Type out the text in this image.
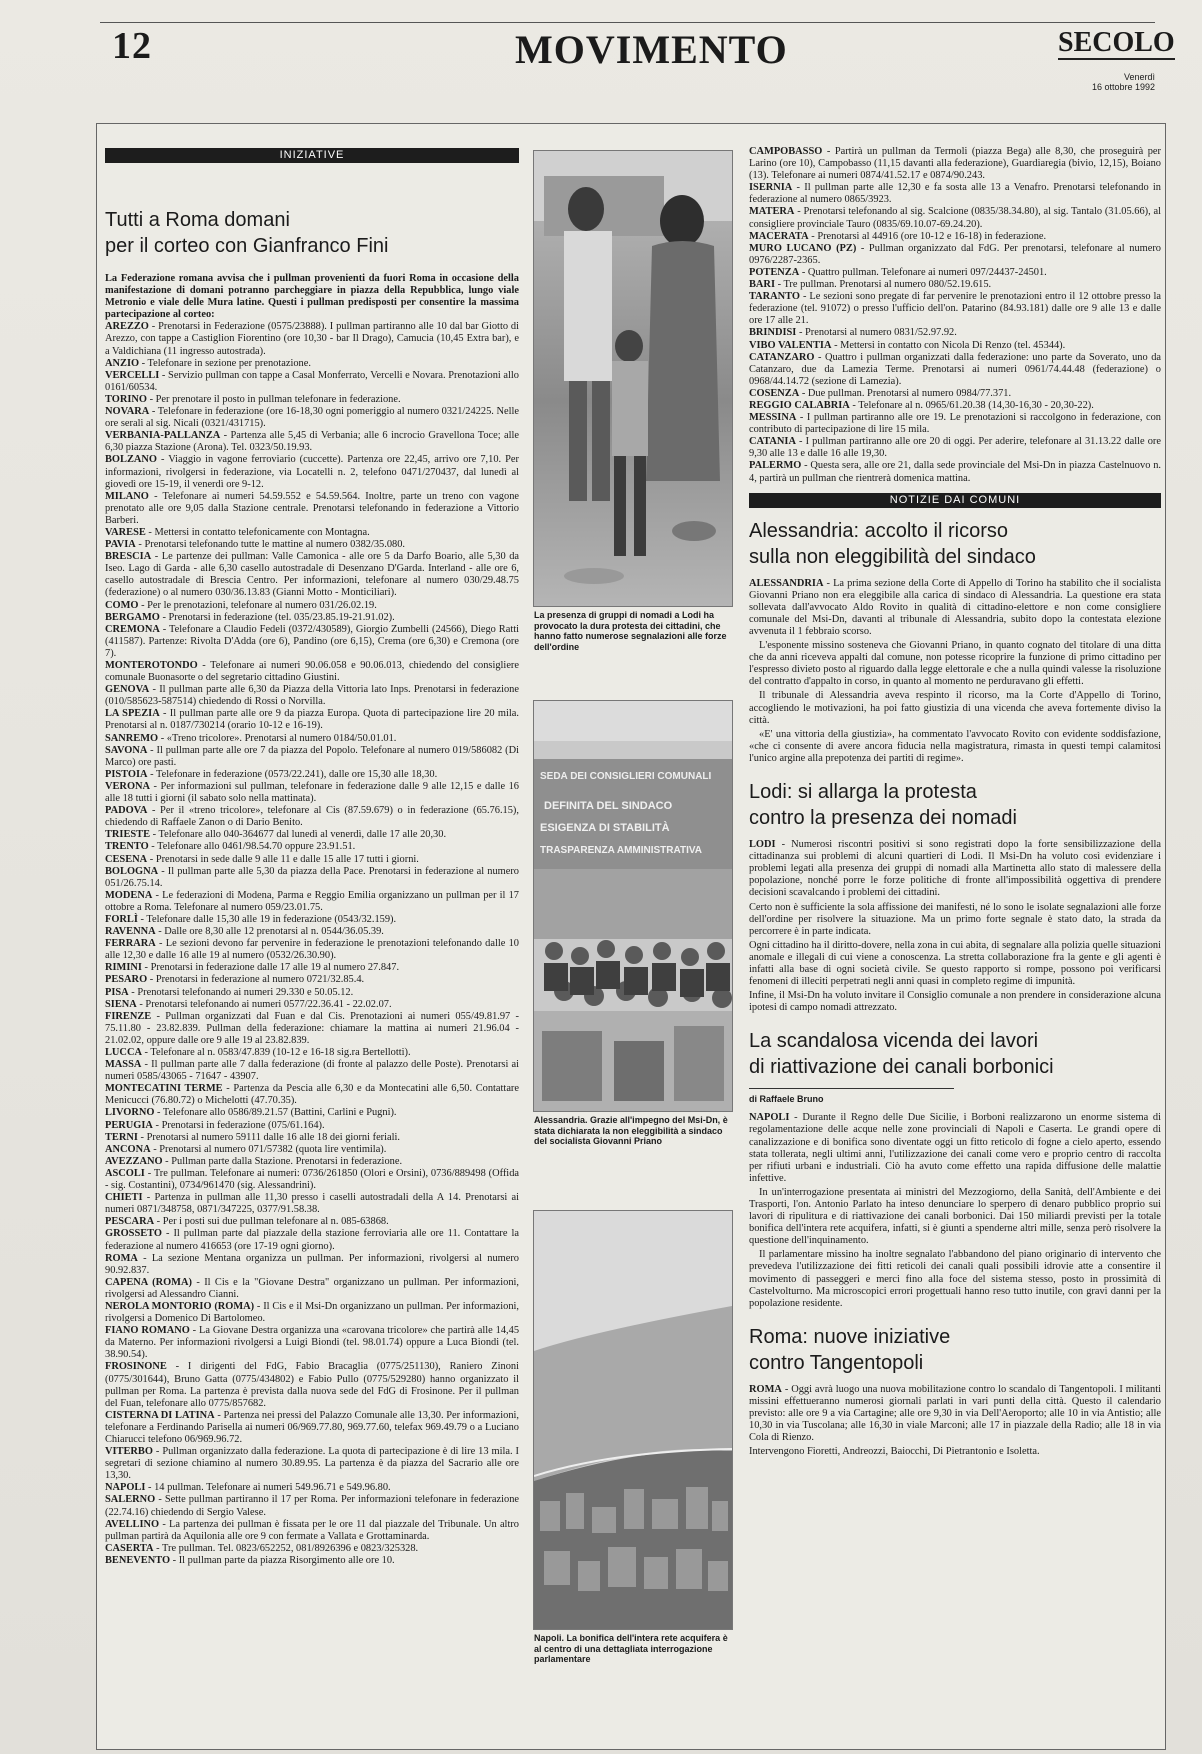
12	MOVIMENTO	SECOLO
Venerdì
16 ottobre 1992
INIZIATIVE
Tutti a Roma domani
per il corteo con Gianfranco Fini

La Federazione romana avvisa che i pullman provenienti da fuori Roma in occasione della manifestazione di domani potranno parcheggiare in piazza della Repubblica, lungo viale Metronio e viale delle Mura latine. Questi i pullman predisposti per consentire la massima partecipazione al corteo:

AREZZO - Prenotarsi in Federazione (0575/23888). I pullman partiranno alle 10 dal bar Giotto di Arezzo, con tappe a Castiglion Fiorentino (ore 10,30 - bar Il Drago), Camucia (10,45 Extra bar), e a Valdichiana (11 ingresso autostrada).

ANZIO - Telefonare in sezione per prenotazione.

VERCELLI - Servizio pullman con tappe a Casal Monferrato, Vercelli e Novara. Prenotazioni allo 0161/60534.

TORINO - Per prenotare il posto in pullman telefonare in federazione.

NOVARA - Telefonare in federazione (ore 16-18,30 ogni pomeriggio al numero 0321/24225. Nelle ore serali al sig. Nicali (0321/431715).

VERBANIA-PALLANZA - Partenza alle 5,45 di Verbania; alle 6 incrocio Gravellona Toce; alle 6,30 piazza Stazione (Arona). Tel. 0323/50.19.93.

BOLZANO - Viaggio in vagone ferroviario (cuccette). Partenza ore 22,45, arrivo ore 7,10. Per informazioni, rivolgersi in federazione, via Locatelli n. 2, telefono 0471/270437, dal lunedì al giovedì ore 15-19, il venerdì ore 9-12.

MILANO - Telefonare ai numeri 54.59.552 e 54.59.564. Inoltre, parte un treno con vagone prenotato alle ore 9,05 dalla Stazione centrale. Prenotarsi telefonando in federazione a Vittorio Barberi.

VARESE - Mettersi in contatto telefonicamente con Montagna.

PAVIA - Prenotarsi telefonando tutte le mattine al numero 0382/35.080.

BRESCIA - Le partenze dei pullman: Valle Camonica - alle ore 5 da Darfo Boario, alle 5,30 da Iseo. Lago di Garda - alle 6,30 casello autostradale di Desenzano D'Garda. Interland - alle ore 6, casello autostradale di Brescia Centro. Per informazioni, telefonare al numero 030/29.48.75 (federazione) o al numero 030/36.13.83 (Gianni Motto - Monticiliari).

COMO - Per le prenotazioni, telefonare al numero 031/26.02.19.

BERGAMO - Prenotarsi in federazione (tel. 035/23.85.19-21.91.02).

CREMONA - Telefonare a Claudio Fedeli (0372/430589), Giorgio Zumbelli (24566), Diego Ratti (411587). Partenze: Rivolta D'Adda (ore 6), Pandino (ore 6,15), Crema (ore 6,30) e Cremona (ore 7).

MONTEROTONDO - Telefonare ai numeri 90.06.058 e 90.06.013, chiedendo del consigliere comunale Buonasorte o del segretario cittadino Giustini.

GENOVA - Il pullman parte alle 6,30 da Piazza della Vittoria lato Inps. Prenotarsi in federazione (010/585623-587514) chiedendo di Rossi o Norvilla.

LA SPEZIA - Il pullman parte alle ore 9 da piazza Europa. Quota di partecipazione lire 20 mila. Prenotarsi al n. 0187/730214 (orario 10-12 e 16-19).

SANREMO - «Treno tricolore». Prenotarsi al numero 0184/50.01.01.

SAVONA - Il pullman parte alle ore 7 da piazza del Popolo. Telefonare al numero 019/586082 (Di Marco) ore pasti.

PISTOIA - Telefonare in federazione (0573/22.241), dalle ore 15,30 alle 18,30.

VERONA - Per informazioni sul pullman, telefonare in federazione dalle 9 alle 12,15 e dalle 16 alle 18 tutti i giorni (il sabato solo nella mattinata).

PADOVA - Per il «treno tricolore», telefonare al Cis (87.59.679) o in federazione (65.76.15), chiedendo di Raffaele Zanon o di Dario Benito.

TRIESTE - Telefonare allo 040-364677 dal lunedì al venerdì, dalle 17 alle 20,30.

TRENTO - Telefonare allo 0461/98.54.70 oppure 23.91.51.

CESENA - Prenotarsi in sede dalle 9 alle 11 e dalle 15 alle 17 tutti i giorni.

BOLOGNA - Il pullman parte alle 5,30 da piazza della Pace. Prenotarsi in federazione al numero 051/26.75.14.

MODENA - Le federazioni di Modena, Parma e Reggio Emilia organizzano un pullman per il 17 ottobre a Roma. Telefonare al numero 059/23.01.75.

FORLÌ - Telefonare dalle 15,30 alle 19 in federazione (0543/32.159).

RAVENNA - Dalle ore 8,30 alle 12 prenotarsi al n. 0544/36.05.39.

FERRARA - Le sezioni devono far pervenire in federazione le prenotazioni telefonando dalle 10 alle 12,30 e dalle 16 alle 19 al numero (0532/26.30.90).

RIMINI - Prenotarsi in federazione dalle 17 alle 19 al numero 27.847.

PESARO - Prenotarsi in federazione al numero 0721/32.85.4.

PISA - Prenotarsi telefonando ai numeri 29.330 e 50.05.12.

SIENA - Prenotarsi telefonando ai numeri 0577/22.36.41 - 22.02.07.

FIRENZE - Pullman organizzati dal Fuan e dal Cis. Prenotazioni ai numeri 055/49.81.97 - 75.11.80 - 23.82.839. Pullman della federazione: chiamare la mattina ai numeri 21.96.04 - 21.02.02, oppure dalle ore 9 alle 19 al 23.82.839.

LUCCA - Telefonare al n. 0583/47.839 (10-12 e 16-18 sig.ra Bertellotti).

MASSA - Il pullman parte alle 7 dalla federazione (di fronte al palazzo delle Poste). Prenotarsi ai numeri 0585/43065 - 71647 - 43907.

MONTECATINI TERME - Partenza da Pescia alle 6,30 e da Montecatini alle 6,50. Contattare Menicucci (76.80.72) o Michelotti (47.70.35).

LIVORNO - Telefonare allo 0586/89.21.57 (Battini, Carlini e Pugni).

PERUGIA - Prenotarsi in federazione (075/61.164).

TERNI - Prenotarsi al numero 59111 dalle 16 alle 18 dei giorni feriali.

ANCONA - Prenotarsi al numero 071/57382 (quota lire ventimila).

AVEZZANO - Pullman parte dalla Stazione. Prenotarsi in federazione.

ASCOLI - Tre pullman. Telefonare ai numeri: 0736/261850 (Olori e Orsini), 0736/889498 (Offida - sig. Costantini), 0734/961470 (sig. Alessandrini).

CHIETI - Partenza in pullman alle 11,30 presso i caselli autostradali della A 14. Prenotarsi ai numeri 0871/348758, 0871/347225, 0377/91.58.38.

PESCARA - Per i posti sui due pullman telefonare al n. 085-63868.

GROSSETO - Il pullman parte dal piazzale della stazione ferroviaria alle ore 11. Contattare la federazione al numero 416653 (ore 17-19 ogni giorno).

ROMA - La sezione Mentana organizza un pullman. Per informazioni, rivolgersi al numero 90.92.837.

CAPENA (ROMA) - Il Cis e la "Giovane Destra" organizzano un pullman. Per informazioni, rivolgersi ad Alessandro Cianni.

NEROLA MONTORIO (ROMA) - Il Cis e il Msi-Dn organizzano un pullman. Per informazioni, rivolgersi a Domenico Di Bartolomeo.

FIANO ROMANO - La Giovane Destra organizza una «carovana tricolore» che partirà alle 14,45 da Materno. Per informazioni rivolgersi a Luigi Biondi (tel. 98.01.74) oppure a Luca Biondi (tel. 38.90.54).

FROSINONE - I dirigenti del FdG, Fabio Bracaglia (0775/251130), Raniero Zinoni (0775/301644), Bruno Gatta (0775/434802) e Fabio Pullo (0775/529280) hanno organizzato il pullman per Roma. La partenza è prevista dalla nuova sede del FdG di Frosinone. Per il pullman del Fuan, telefonare allo 0775/857682.

CISTERNA DI LATINA - Partenza nei pressi del Palazzo Comunale alle 13,30. Per informazioni, telefonare a Ferdinando Parisella ai numeri 06/969.77.80, 969.77.60, telefax 969.49.79 o a Luciano Chiarucci telefono 06/969.96.72.

VITERBO - Pullman organizzato dalla federazione. La quota di partecipazione è di lire 13 mila. I segretari di sezione chiamino al numero 30.89.95. La partenza è da piazza del Sacrario alle ore 13,30.

NAPOLI - 14 pullman. Telefonare ai numeri 549.96.71 e 549.96.80.

SALERNO - Sette pullman partiranno il 17 per Roma. Per informazioni telefonare in federazione (22.74.16) chiedendo di Sergio Valese.

AVELLINO - La partenza dei pullman è fissata per le ore 11 dal piazzale del Tribunale. Un altro pullman partirà da Aquilonia alle ore 9 con fermate a Vallata e Grottaminarda.

CASERTA - Tre pullman. Tel. 0823/652252, 081/8926396 e 0823/325328.

BENEVENTO - Il pullman parte da piazza Risorgimento alle ore 10.

La presenza di gruppi di nomadi a Lodi ha provocato la dura protesta dei cittadini, che hanno fatto numerose segnalazioni alle forze dell'ordine
SEDA DEI CONSIGLIERI COMUNALI
DEFINITA DEL SINDACO
ESIGENZA DI STABILITÀ
TRASPARENZA AMMINISTRATIVA
Alessandria. Grazie all'impegno del Msi-Dn, è stata dichiarata la non eleggibilità a sindaco del socialista Giovanni Priano
Napoli. La bonifica dell'intera rete acquifera è al centro di una dettagliata interrogazione parlamentare

CAMPOBASSO - Partirà un pullman da Termoli (piazza Bega) alle 8,30, che proseguirà per Larino (ore 10), Campobasso (11,15 davanti alla federazione), Guardiaregia (bivio, 12,15), Boiano (13). Telefonare ai numeri 0874/41.52.17 e 0874/90.243.

ISERNIA - Il pullman parte alle 12,30 e fa sosta alle 13 a Venafro. Prenotarsi telefonando in federazione al numero 0865/3923.

MATERA - Prenotarsi telefonando al sig. Scalcione (0835/38.34.80), al sig. Tantalo (31.05.66), al consigliere provinciale Tauro (0835/69.10.07-69.24.20).

MACERATA - Prenotarsi al 44916 (ore 10-12 e 16-18) in federazione.

MURO LUCANO (PZ) - Pullman organizzato dal FdG. Per prenotarsi, telefonare al numero 0976/2287-2365.

POTENZA - Quattro pullman. Telefonare ai numeri 097/24437-24501.

BARI - Tre pullman. Prenotarsi al numero 080/52.19.615.

TARANTO - Le sezioni sono pregate di far pervenire le prenotazioni entro il 12 ottobre presso la federazione (tel. 91072) o presso l'ufficio dell'on. Patarino (84.93.181) dalle ore 9 alle 13 e dalle ore 17 alle 21.

BRINDISI - Prenotarsi al numero 0831/52.97.92.

VIBO VALENTIA - Mettersi in contatto con Nicola Di Renzo (tel. 45344).

CATANZARO - Quattro i pullman organizzati dalla federazione: uno parte da Soverato, uno da Catanzaro, due da Lamezia Terme. Prenotarsi ai numeri 0961/74.44.48 (federazione) o 0968/44.14.72 (sezione di Lamezia).

COSENZA - Due pullman. Prenotarsi al numero 0984/77.371.

REGGIO CALABRIA - Telefonare al n. 0965/61.20.38 (14,30-16,30 - 20,30-22).

MESSINA - I pullman partiranno alle ore 19. Le prenotazioni si raccolgono in federazione, con contributo di partecipazione di lire 15 mila.

CATANIA - I pullman partiranno alle ore 20 di oggi. Per aderire, telefonare al 31.13.22 dalle ore 9,30 alle 13 e dalle 16 alle 19,30.

PALERMO - Questa sera, alle ore 21, dalla sede provinciale del Msi-Dn in piazza Castelnuovo n. 4, partirà un pullman che rientrerà domenica mattina.

NOTIZIE DAI COMUNI
Alessandria: accolto il ricorso
sulla non eleggibilità del sindaco

ALESSANDRIA - La prima sezione della Corte di Appello di Torino ha stabilito che il socialista Giovanni Priano non era eleggibile alla carica di sindaco di Alessandria. La questione era stata sollevata dall'avvocato Aldo Rovito in qualità di cittadino-elettore e non come consigliere comunale del Msi-Dn, davanti al tribunale di Alessandria, subito dopo la contestata elezione avvenuta il 1 febbraio scorso.

L'esponente missino sosteneva che Giovanni Priano, in quanto cognato del titolare di una ditta che da anni riceveva appalti dal comune, non potesse ricoprire la funzione di primo cittadino per l'espresso divieto posto al riguardo dalla legge elettorale e che a nulla quindi valesse la risoluzione del contratto d'appalto in corso, in quanto al momento ne perduravano gli effetti.

Il tribunale di Alessandria aveva respinto il ricorso, ma la Corte d'Appello di Torino, accogliendo le motivazioni, ha poi fatto giustizia di una vicenda che aveva fortemente diviso la città.

«E' una vittoria della giustizia», ha commentato l'avvocato Rovito con evidente soddisfazione, «che ci consente di avere ancora fiducia nella magistratura, rimasta in questi tempi calamitosi l'unico argine alla prepotenza dei partiti di regime».

Lodi: si allarga la protesta
contro la presenza dei nomadi

LODI - Numerosi riscontri positivi si sono registrati dopo la forte sensibilizzazione della cittadinanza sui problemi di alcuni quartieri di Lodi. Il Msi-Dn ha voluto così evidenziare i problemi legati alla presenza dei gruppi di nomadi alla Martinetta allo stato di malessere della popolazione, nonché porre le forze politiche di fronte all'impossibilità oggettiva di prendere decisioni scavalcando i problemi dei cittadini.

Certo non è sufficiente la sola affissione dei manifesti, né lo sono le isolate segnalazioni alle forze dell'ordine per risolvere la situazione. Ma un primo forte segnale è stato dato, la strada da percorrere è in parte indicata.

Ogni cittadino ha il diritto-dovere, nella zona in cui abita, di segnalare alla polizia quelle situazioni anomale e illegali di cui viene a conoscenza. La stretta collaborazione fra la gente e gli agenti è infatti alla base di ogni società civile. Se questo rapporto si rompe, possono poi verificarsi fenomeni di illeciti perpetrati negli anni quasi in completo regime di impunità.

Infine, il Msi-Dn ha voluto invitare il Consiglio comunale a non prendere in considerazione alcuna ipotesi di campo nomadi attrezzato.

La scandalosa vicenda dei lavori
di riattivazione dei canali borbonici
di Raffaele Bruno

NAPOLI - Durante il Regno delle Due Sicilie, i Borboni realizzarono un enorme sistema di regolamentazione delle acque nelle zone provinciali di Napoli e Caserta. Le grandi opere di canalizzazione e di bonifica sono diventate oggi un fitto reticolo di fogne a cielo aperto, essendo stata tollerata, negli ultimi anni, l'utilizzazione dei canali come vero e proprio centro di raccolta per rifiuti urbani e industriali. Ciò ha avuto come effetto una rapida diffusione delle malattie infettive.

In un'interrogazione presentata ai ministri del Mezzogiorno, della Sanità, dell'Ambiente e dei Trasporti, l'on. Antonio Parlato ha inteso denunciare lo sperpero di denaro pubblico proprio sui lavori di ripulitura e di riattivazione dei canali borbonici. Dai 150 miliardi previsti per la totale bonifica dell'intera rete acquifera, infatti, si è giunti a spenderne altri mille, senza però risolvere la questione dell'inquinamento.

Il parlamentare missino ha inoltre segnalato l'abbandono del piano originario di intervento che prevedeva l'utilizzazione dei fitti reticoli dei canali quali possibili idrovie atte a consentire il movimento di passeggeri e merci fino alla foce del sistema stesso, posto in prossimità di Castelvolturno. Ma microscopici errori progettuali hanno reso tutto inutile, con gravi danni per la popolazione residente.

Roma: nuove iniziative
contro Tangentopoli

ROMA - Oggi avrà luogo una nuova mobilitazione contro lo scandalo di Tangentopoli. I militanti missini effettueranno numerosi giornali parlati in vari punti della città. Questo il calendario previsto: alle ore 9 a via Cartagine; alle ore 9,30 in via Dell'Aeroporto; alle 10 in via Antistio; alle 10,30 in via Tuscolana; alle 16,30 in viale Marconi; alle 17 in piazzale della Radio; alle 18 in via Cola di Rienzo.

Intervengono Fioretti, Andreozzi, Baiocchi, Di Pietrantonio e Isoletta.
